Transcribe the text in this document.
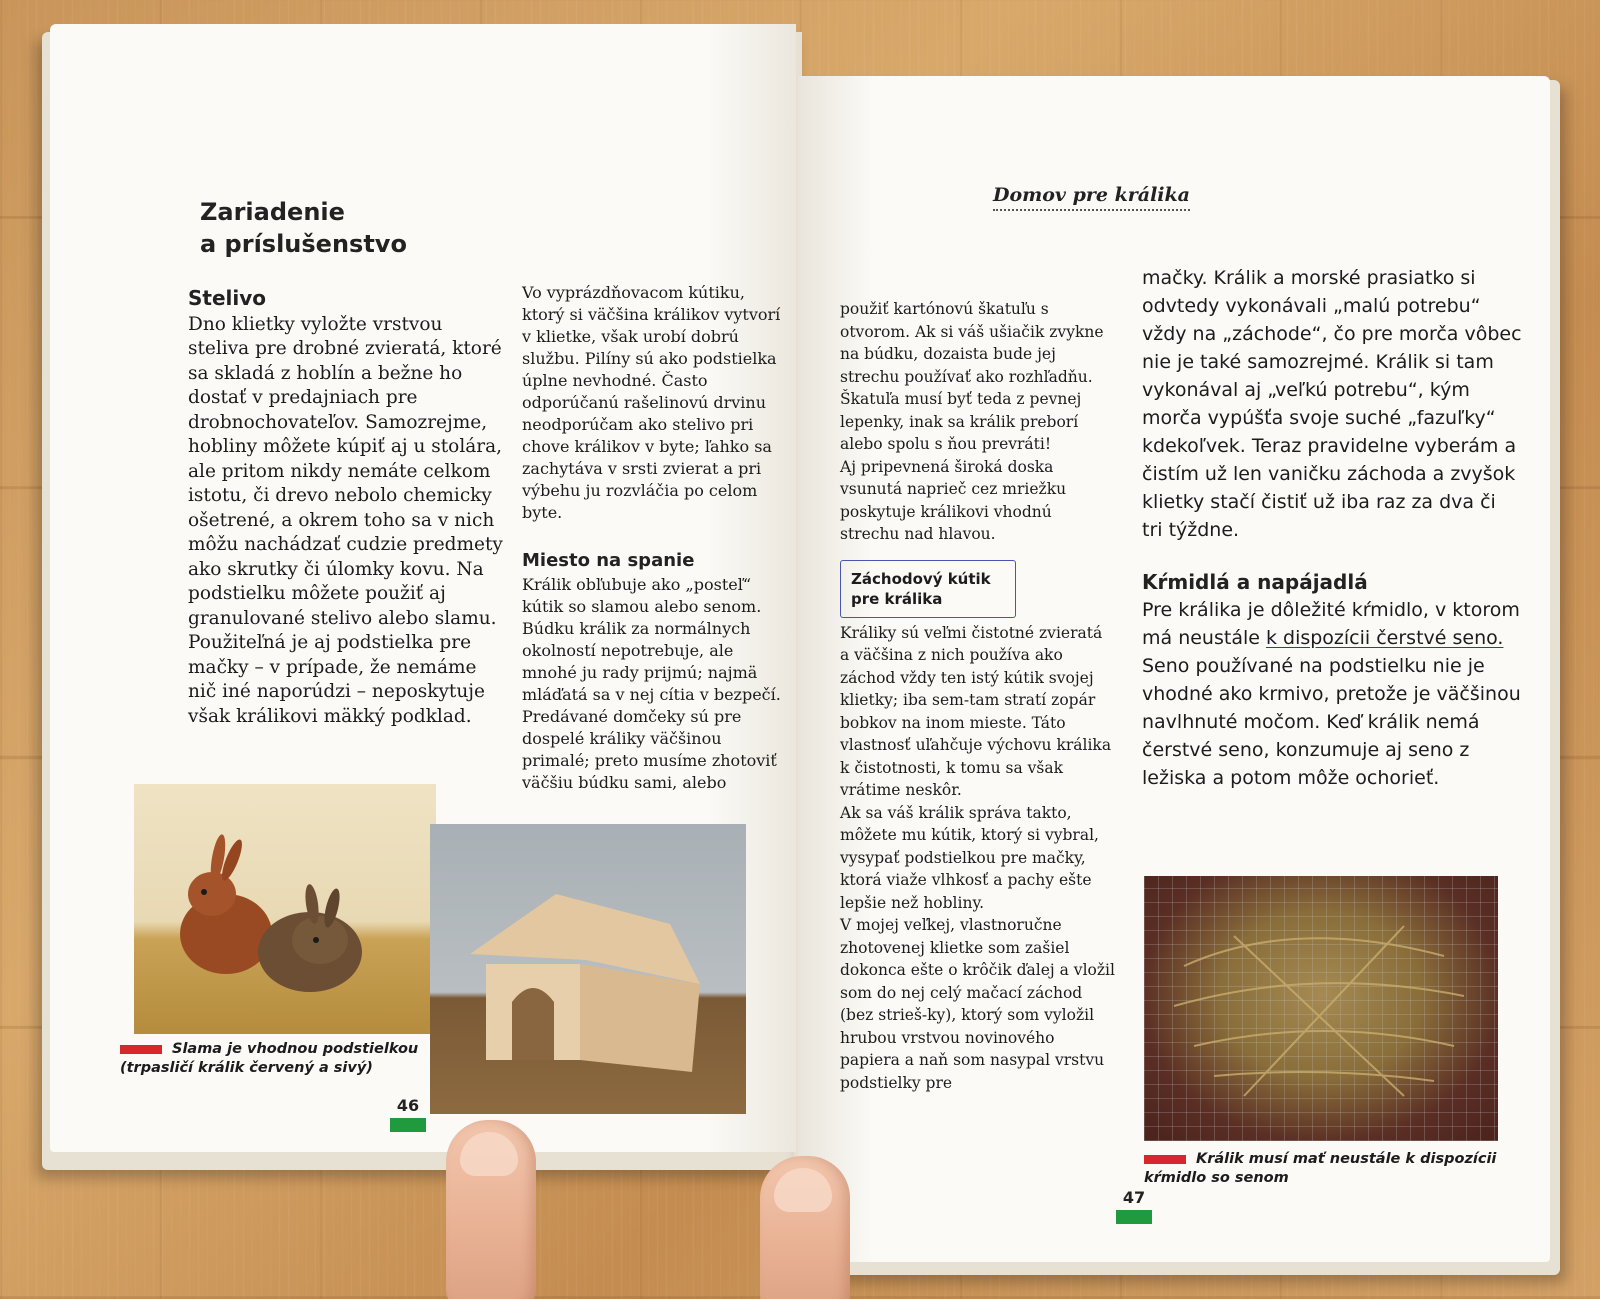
Zariadenie
a príslušenstvo
Stelivo

Dno klietky vyložte vrstvou steliva pre drobné zvieratá, ktoré sa skladá z hoblín a bežne ho dostať v predajniach pre drobnochovateľov. Samozrejme, hobliny môžete kúpiť aj u stolára, ale pritom nikdy nemáte celkom istotu, či drevo nebolo chemicky ošetrené, a okrem toho sa v nich môžu nachádzať cudzie predmety ako skrutky či úlomky kovu. Na podstielku môžete použiť aj granulované stelivo alebo slamu. Použiteľná je aj podstielka pre mačky – v prípade, že nemáme nič iné naporúdzi – neposkytuje však králikovi mäkký podklad.

Vo vyprázdňovacom kútiku, ktorý si väčšina králikov vytvorí v klietke, však urobí dobrú službu. Pilíny sú ako podstielka úplne nevhodné. Často odporúčanú rašelinovú drvinu neodporúčam ako stelivo pri chove králikov v byte; ľahko sa zachytáva v srsti zvierat a pri výbehu ju rozvláčia po celom byte.

Miesto na spanie

Králik obľubuje ako „posteľ“ kútik so slamou alebo senom. Búdku králik za normálnych okolností nepotrebuje, ale mnohé ju rady prijmú; najmä mláďatá sa v nej cítia v bezpečí. Predávané domčeky sú pre dospelé králiky väčšinou primalé; preto musíme zhotoviť väčšiu búdku sami, alebo

Slama je vhodnou podstielkou (trpasličí králik červený a sivý)
46
Domov pre králika

použiť kartónovú škatuľu s otvorom. Ak si váš ušiačik zvykne na búdku, dozaista bude jej strechu používať ako rozhľadňu. Škatuľa musí byť teda z pevnej lepenky, inak sa králik preborí alebo spolu s ňou prevráti!

Aj pripevnená široká doska vsunutá naprieč cez mriežku poskytuje králikovi vhodnú strechu nad hlavou.

Záchodový kútik pre králika

Králiky sú veľmi čistotné zvieratá a väčšina z nich používa ako záchod vždy ten istý kútik svojej klietky; iba sem-tam stratí zopár bobkov na inom mieste. Táto vlastnosť uľahčuje výchovu králika k čistotnosti, k tomu sa však vrátime neskôr.

Ak sa váš králik správa takto, môžete mu kútik, ktorý si vybral, vysypať podstielkou pre mačky, ktorá viaže vlhkosť a pachy ešte lepšie než hobliny.

V mojej veľkej, vlastnoručne zhotovenej klietke som zašiel dokonca ešte o krôčik ďalej a vložil som do nej celý mačací záchod (bez strieš-ky), ktorý som vyložil hrubou vrstvou novinového papiera a naň som nasypal vrstvu podstielky pre

mačky. Králik a morské prasiatko si odvtedy vykonávali „malú potrebu“ vždy na „záchode“, čo pre morča vôbec nie je také samozrejmé. Králik si tam vykonával aj „veľkú potrebu“, kým morča vypúšťa svoje suché „fazuľky“ kdekoľvek. Teraz pravidelne vyberám a čistím už len vaničku záchoda a zvyšok klietky stačí čistiť už iba raz za dva či tri týždne.

Kŕmidlá a napájadlá

Pre králika je dôležité kŕmidlo, v ktorom má neustále k dispozícii čerstvé seno. Seno používané na podstielku nie je vhodné ako krmivo, pretože je väčšinou navlhnuté močom. Keď králik nemá čerstvé seno, konzumuje aj seno z ležiska a potom môže ochorieť.

Králik musí mať neustále k dispozícii kŕmidlo so senom
47
